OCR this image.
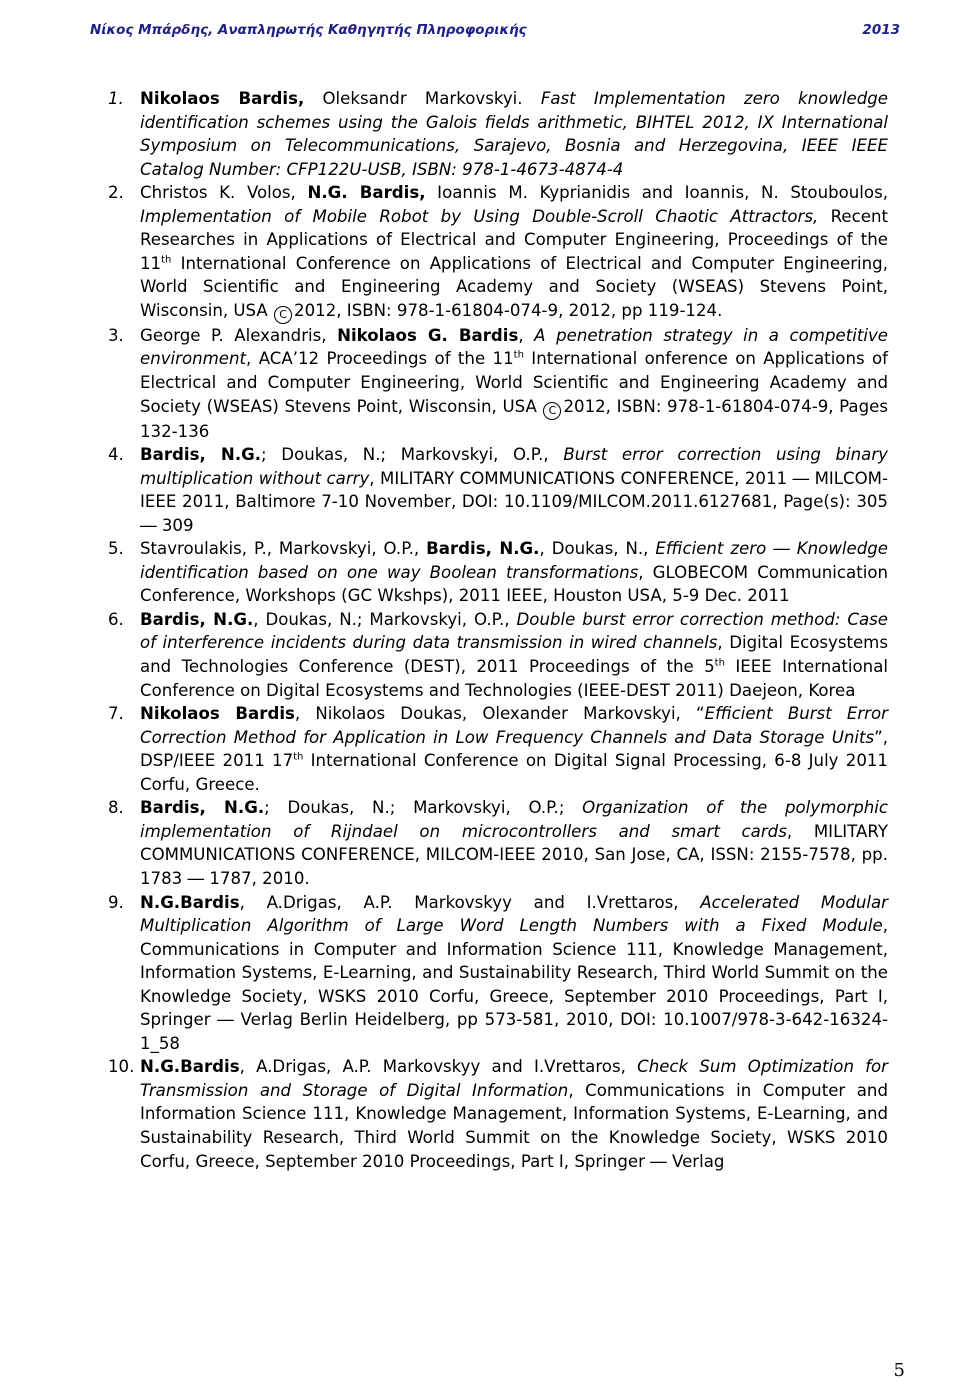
Νίκος Μπάρδης, Αναπληρωτής Καθηγητής Πληροφορικής	2013
1. Nikolaos Bardis, Oleksandr Markovskyi. Fast Implementation zero knowledge identification schemes using the Galois fields arithmetic, BIHTEL 2012, IX International Symposium on Telecommunications, Sarajevo, Bosnia and Herzegovina, IEEE IEEE Catalog Number: CFP122U-USB, ISBN: 978-1-4673-4874-4
2. Christos K. Volos, N.G. Bardis, Ioannis M. Kyprianidis and Ioannis, N. Stouboulos, Implementation of Mobile Robot by Using Double-Scroll Chaotic Attractors, Recent Researches in Applications of Electrical and Computer Engineering, Proceedings of the 11th International Conference on Applications of Electrical and Computer Engineering, World Scientific and Engineering Academy and Society (WSEAS) Stevens Point, Wisconsin, USA C 2012, ISBN: 978-1-61804-074-9, 2012, pp 119-124.
3. George P. Alexandris, Nikolaos G. Bardis, A penetration strategy in a competitive environment, ACA’12 Proceedings of the 11th International onference on Applications of Electrical and Computer Engineering, World Scientific and Engineering Academy and Society (WSEAS) Stevens Point, Wisconsin, USA C 2012, ISBN: 978-1-61804-074-9, Pages 132-136
4. Bardis, N.G.; Doukas, N.; Markovskyi, O.P., Burst error correction using binary multiplication without carry, MILITARY COMMUNICATIONS CONFERENCE, 2011 ― MILCOM- IEEE 2011, Baltimore 7-10 November, DOI: 10.1109/MILCOM.2011.6127681, Page(s): 305 ― 309
5. Stavroulakis, P., Markovskyi, O.P., Bardis, N.G., Doukas, N., Efficient zero ― Knowledge identification based on one way Boolean transformations, GLOBECOM Communication Conference, Workshops (GC Wkshps), 2011 IEEE, Houston USA, 5-9 Dec. 2011
6. Bardis, N.G., Doukas, N.; Markovskyi, O.P., Double burst error correction method: Case of interference incidents during data transmission in wired channels, Digital Ecosystems and Technologies Conference (DEST), 2011 Proceedings of the 5th IEEE International Conference on Digital Ecosystems and Technologies (IEEE-DEST 2011) Daejeon, Korea
7. Nikolaos Bardis, Nikolaos Doukas, Olexander Markovskyi, “Efficient Burst Error Correction Method for Application in Low Frequency Channels and Data Storage Units”, DSP/IEEE 2011 17th International Conference on Digital Signal Processing, 6-8 July 2011 Corfu, Greece.
8. Bardis, N.G.; Doukas, N.; Markovskyi, O.P.; Organization of the polymorphic implementation of Rijndael on microcontrollers and smart cards, MILITARY COMMUNICATIONS CONFERENCE, MILCOM-IEEE 2010, San Jose, CA, ISSN: 2155-7578, pp. 1783 ― 1787, 2010.
9. N.G.Bardis, A.Drigas, A.P. Markovskyy and I.Vrettaros, Accelerated Modular Multiplication Algorithm of Large Word Length Numbers with a Fixed Module, Communications in Computer and Information Science 111, Knowledge Management, Information Systems, E-Learning, and Sustainability Research, Third World Summit on the Knowledge Society, WSKS 2010 Corfu, Greece, September 2010 Proceedings, Part I, Springer ― Verlag Berlin Heidelberg, pp 573-581, 2010, DOI: 10.1007/978-3-642-16324-1_58
10. N.G.Bardis, A.Drigas, A.P. Markovskyy and I.Vrettaros, Check Sum Optimization for Transmission and Storage of Digital Information, Communications in Computer and Information Science 111, Knowledge Management, Information Systems, E-Learning, and Sustainability Research, Third World Summit on the Knowledge Society, WSKS 2010 Corfu, Greece, September 2010 Proceedings, Part I, Springer ― Verlag
5
